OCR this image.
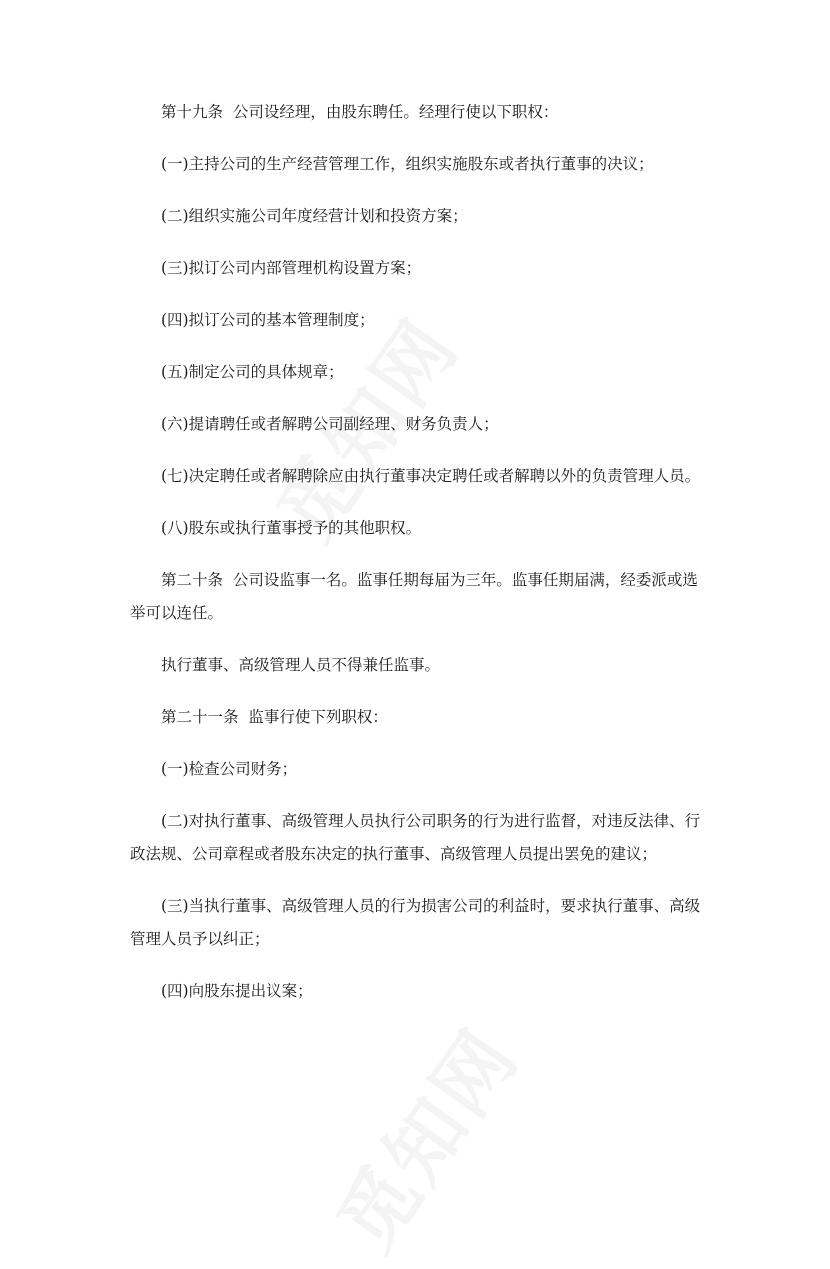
第十九条  公司设经理，由股东聘任。经理行使以下职权：

(一)主持公司的生产经营管理工作，组织实施股东或者执行董事的决议；

(二)组织实施公司年度经营计划和投资方案；

(三)拟订公司内部管理机构设置方案；

(四)拟订公司的基本管理制度；

(五)制定公司的具体规章；

(六)提请聘任或者解聘公司副经理、财务负责人；

(七)决定聘任或者解聘除应由执行董事决定聘任或者解聘以外的负责管理人员。

(八)股东或执行董事授予的其他职权。

第二十条  公司设监事一名。监事任期每届为三年。监事任期届满，经委派或选举可以连任。

执行董事、高级管理人员不得兼任监事。

第二十一条  监事行使下列职权：

(一)检查公司财务；

(二)对执行董事、高级管理人员执行公司职务的行为进行监督，对违反法律、行政法规、公司章程或者股东决定的执行董事、高级管理人员提出罢免的建议；

(三)当执行董事、高级管理人员的行为损害公司的利益时，要求执行董事、高级管理人员予以纠正；

(四)向股东提出议案；
